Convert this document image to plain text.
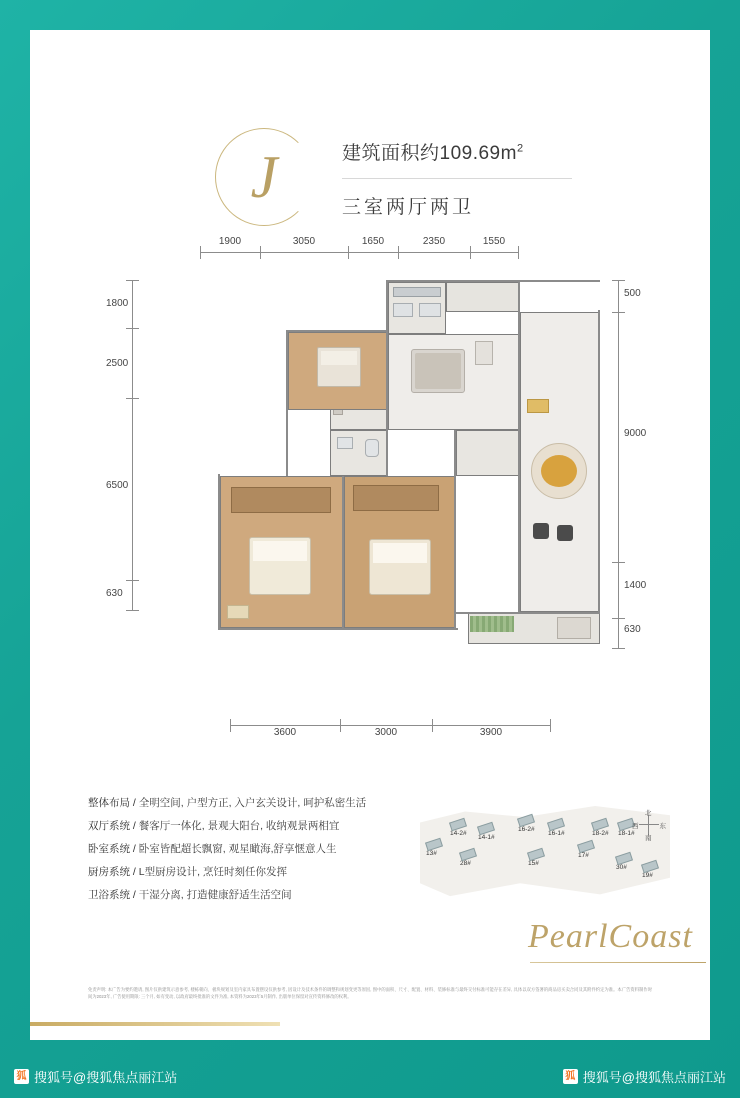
J	建筑面积约$109.69m^2$
三室两厅两卫
1900	3050	1650	2350	1550
1800
2500
6500
630
500
9000
1400
630
3600	3000	3900
整体布局 / 全明空间, 户型方正, 入户玄关设计, 呵护私密生活
双厅系统 / 餐客厅一体化, 景观大阳台, 收纳观景两相宜
卧室系统 / 卧室皆配超长飘窗, 观星瞰海,舒享惬意人生
厨房系统 / L型厨房设计, 烹饪时刻任你发挥
卫浴系统 / 干湿分离, 打造健康舒适生活空间
13#
14-2#
14-1#
16-2#
16-1#	18-2# 18-1#
28#	15#
17#
30#
19#
北
南
西	东
PearlCoast
免责声明: 本广告为要约邀请, 图片仅供建筑示意参考, 楼栋朝向、板块规划及室内家具布置摆设仅供参考, 因设计及技术条件的调整和规划变更等原因, 图中的面积、尺寸、配置、材料、装修标准与最终交付标准可能存在差异, 具体以双方签署的商品房买卖合同及其附件约定为准。本广告资料制作时间为2023年, 广告使用期限: 三个月, 如有变动, 以政府最终批准的文件为准, 本资料为2023年5月制作, 出版单位保留对宣传资料修改的权利。
狐 搜狐号@搜狐焦点丽江站	狐 搜狐号@搜狐焦点丽江站
